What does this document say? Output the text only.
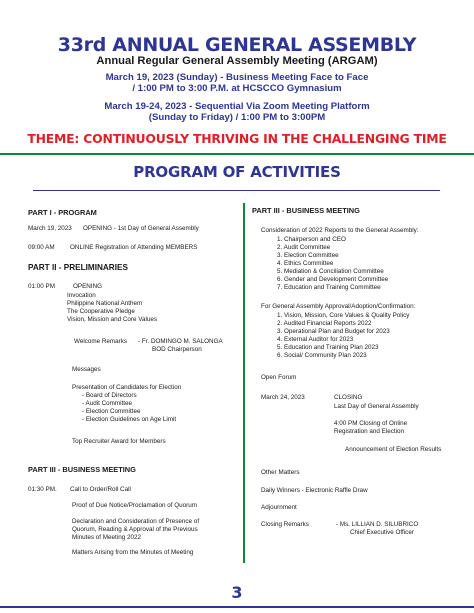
33rd ANNUAL GENERAL ASSEMBLY
Annual Regular General Assembly Meeting (ARGAM)
March 19, 2023 (Sunday) - Business Meeting Face to Face
/ 1:00 PM to 3:00 P.M. at HCSCCO Gymnasium
March 19-24, 2023 - Sequential Via Zoom Meeting Platform
(Sunday to Friday) / 1:00 PM to 3:00PM
THEME: CONTINUOUSLY THRIVING IN THE CHALLENGING TIME
PROGRAM OF ACTIVITIES
PART I - PROGRAM
March 19, 2023 OPENING - 1st Day of General Assembly
09:00 AM ONLINE Registration of Attending MEMBERS
PART II - PRELIMINARIES
01:00 PM	OPENING
Invocation
Philippine National Anthem
The Cooperative Pledge
Vision, Mission and Core Values
Welcome Remarks - Fr. DOMINGO M. SALONGA
BOD Chairperson
Messages
Presentation of Candidates for Election
- Board of Directors
- Audit Committee
- Election Committee
- Election Guidelines on Age Limit
Top Recruiter Award for Members
PART III - BUSINESS MEETING
01:30 PM. Call to Order/Roll Call
Proof of Due Notice/Proclamation of Quorum
Declaration and Consideration of Presence of
Quorum, Reading & Approval of the Previous
Minutes of Meeting 2022
Matters Arising from the Minutes of Meeting
PART III - BUSINESS MEETING
Consideration of 2022 Reports to the General Assembly:
1. Chairperson and CEO
2. Audit Committee
3. Election Committee
4. Ethics Committee
5. Mediation & Conciliation Committee
6. Gender and Development Committee
7. Education and Training Committee
For General Assembly Approval/Adoption/Confirmation:
1. Vision, Mission, Core Values & Quality Policy
2. Audited Financial Reports 2022
3. Operational Plan and Budget for 2023
4. External Auditor for 2023
5. Education and Training Plan 2023
6. Social/ Community Plan 2023
Open Forum
March 24, 2023	CLOSING
Last Day of General Assembly
4:00 PM Closing of Online
Registration and Election
Announcement of Election Results
Other Matters
Daily Winners - Electronic Raffle Draw
Adjournment
Closing Remarks	- Ms. LILLIAN D. SILUBRICO
Chief Executive Officer
3
